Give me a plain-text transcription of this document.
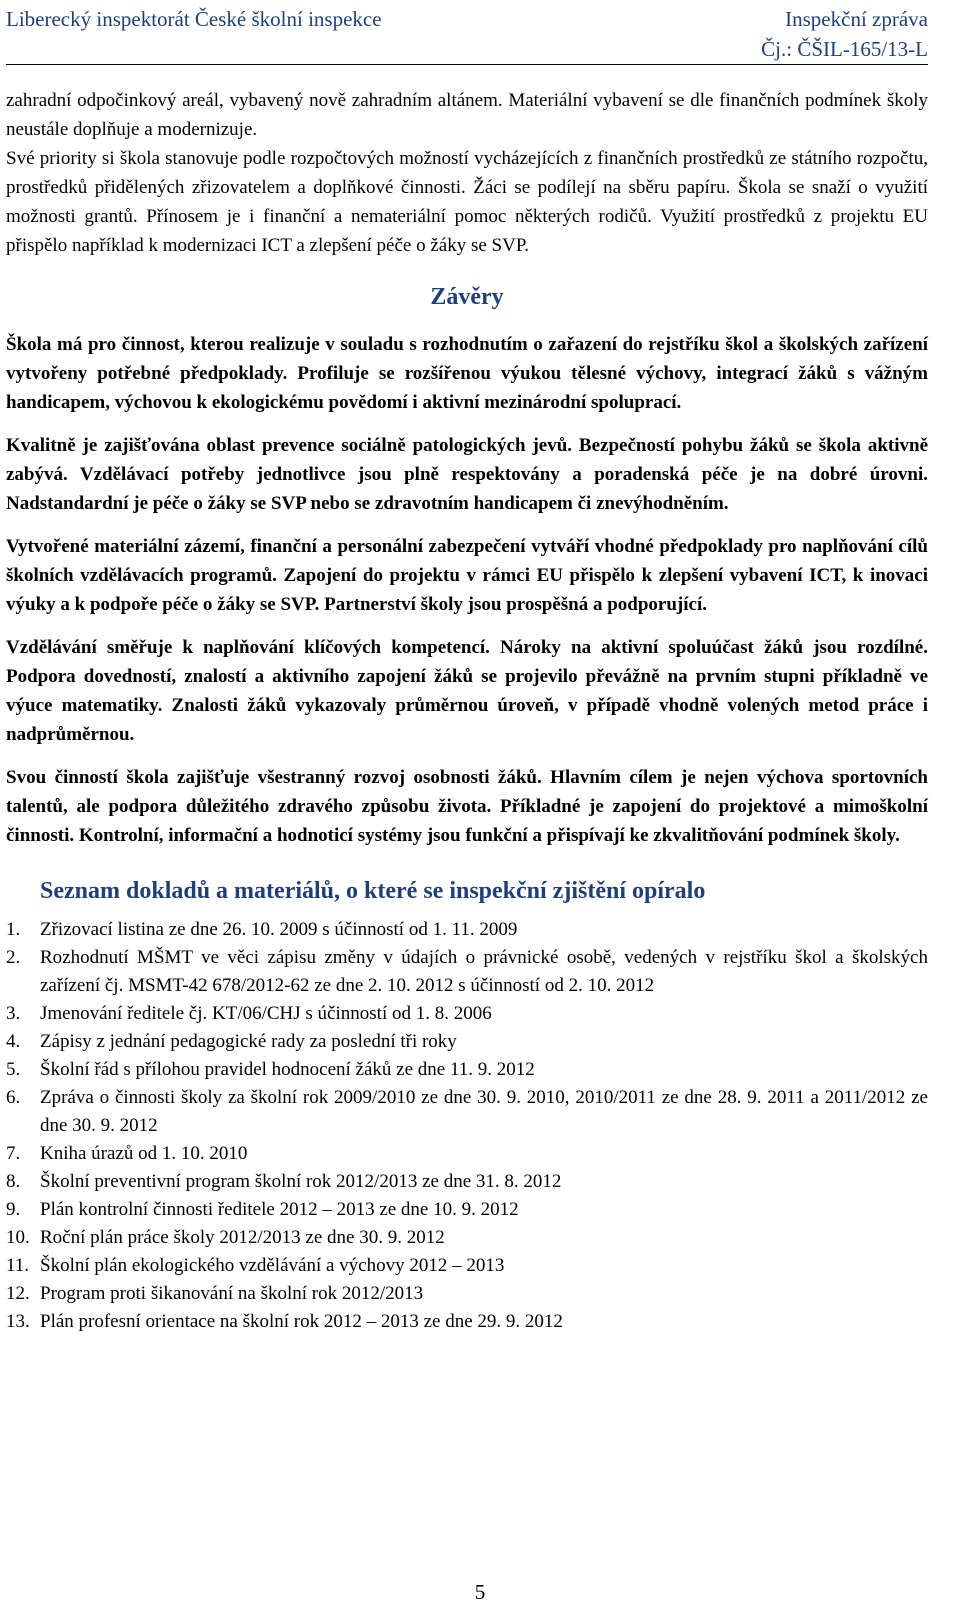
Liberecký inspektorát České školní inspekce	Inspekční zpráva
Čj.: ČŠIL-165/13-L

zahradní odpočinkový areál, vybavený nově zahradním altánem. Materiální vybavení se dle finančních podmínek školy neustále doplňuje a modernizuje.

Své priority si škola stanovuje podle rozpočtových možností vycházejících z finančních prostředků ze státního rozpočtu, prostředků přidělených zřizovatelem a doplňkové činnosti. Žáci se podílejí na sběru papíru. Škola se snaží o využití možnosti grantů. Přínosem je i finanční a nemateriální pomoc některých rodičů. Využití prostředků z projektu EU přispělo například k modernizaci ICT a zlepšení péče o žáky se SVP.

Závěry

Škola má pro činnost, kterou realizuje v souladu s rozhodnutím o zařazení do rejstříku škol a školských zařízení vytvořeny potřebné předpoklady. Profiluje se rozšířenou výukou tělesné výchovy, integrací žáků s vážným handicapem, výchovou k ekologickému povědomí i aktivní mezinárodní spoluprací.

Kvalitně je zajišťována oblast prevence sociálně patologických jevů. Bezpečností pohybu žáků se škola aktivně zabývá. Vzdělávací potřeby jednotlivce jsou plně respektovány a poradenská péče je na dobré úrovni. Nadstandardní je péče o žáky se SVP nebo se zdravotním handicapem či znevýhodněním.

Vytvořené materiální zázemí, finanční a personální zabezpečení vytváří vhodné předpoklady pro naplňování cílů školních vzdělávacích programů. Zapojení do projektu v rámci EU přispělo k zlepšení vybavení ICT, k inovaci výuky a k podpoře péče o žáky se SVP. Partnerství školy jsou prospěšná a podporující.

Vzdělávání směřuje k naplňování klíčových kompetencí. Nároky na aktivní spoluúčast žáků jsou rozdílné. Podpora dovedností, znalostí a aktivního zapojení žáků se projevilo převážně na prvním stupni příkladně ve výuce matematiky. Znalosti žáků vykazovaly průměrnou úroveň, v případě vhodně volených metod práce i nadprůměrnou.

Svou činností škola zajišťuje všestranný rozvoj osobnosti žáků. Hlavním cílem je nejen výchova sportovních talentů, ale podpora důležitého zdravého způsobu života. Příkladné je zapojení do projektové a mimoškolní činnosti. Kontrolní, informační a hodnoticí systémy jsou funkční a přispívají ke zkvalitňování podmínek školy.

Seznam dokladů a materiálů, o které se inspekční zjištění opíralo
1.	Zřizovací listina ze dne 26. 10. 2009 s účinností od 1. 11. 2009
2.	Rozhodnutí MŠMT ve věci zápisu změny v údajích o právnické osobě, vedených v rejstříku škol a školských zařízení čj. MSMT-42 678/2012-62 ze dne 2. 10. 2012 s účinností od 2. 10. 2012
3.	Jmenování ředitele čj. KT/06/CHJ s účinností od 1. 8. 2006
4.	Zápisy z jednání pedagogické rady za poslední tři roky
5.	Školní řád s přílohou pravidel hodnocení žáků ze dne 11. 9. 2012
6.	Zpráva o činnosti školy za školní rok 2009/2010 ze dne 30. 9. 2010, 2010/2011 ze dne 28. 9. 2011 a 2011/2012 ze dne 30. 9. 2012
7.	Kniha úrazů od 1. 10. 2010
8.	Školní preventivní program školní rok 2012/2013 ze dne 31. 8. 2012
9.	Plán kontrolní činnosti ředitele 2012 – 2013 ze dne 10. 9. 2012
10. Roční plán práce školy 2012/2013 ze dne 30. 9. 2012
11. Školní plán ekologického vzdělávání a výchovy 2012 – 2013
12. Program proti šikanování na školní rok 2012/2013
13. Plán profesní orientace na školní rok 2012 – 2013 ze dne 29. 9. 2012
5
